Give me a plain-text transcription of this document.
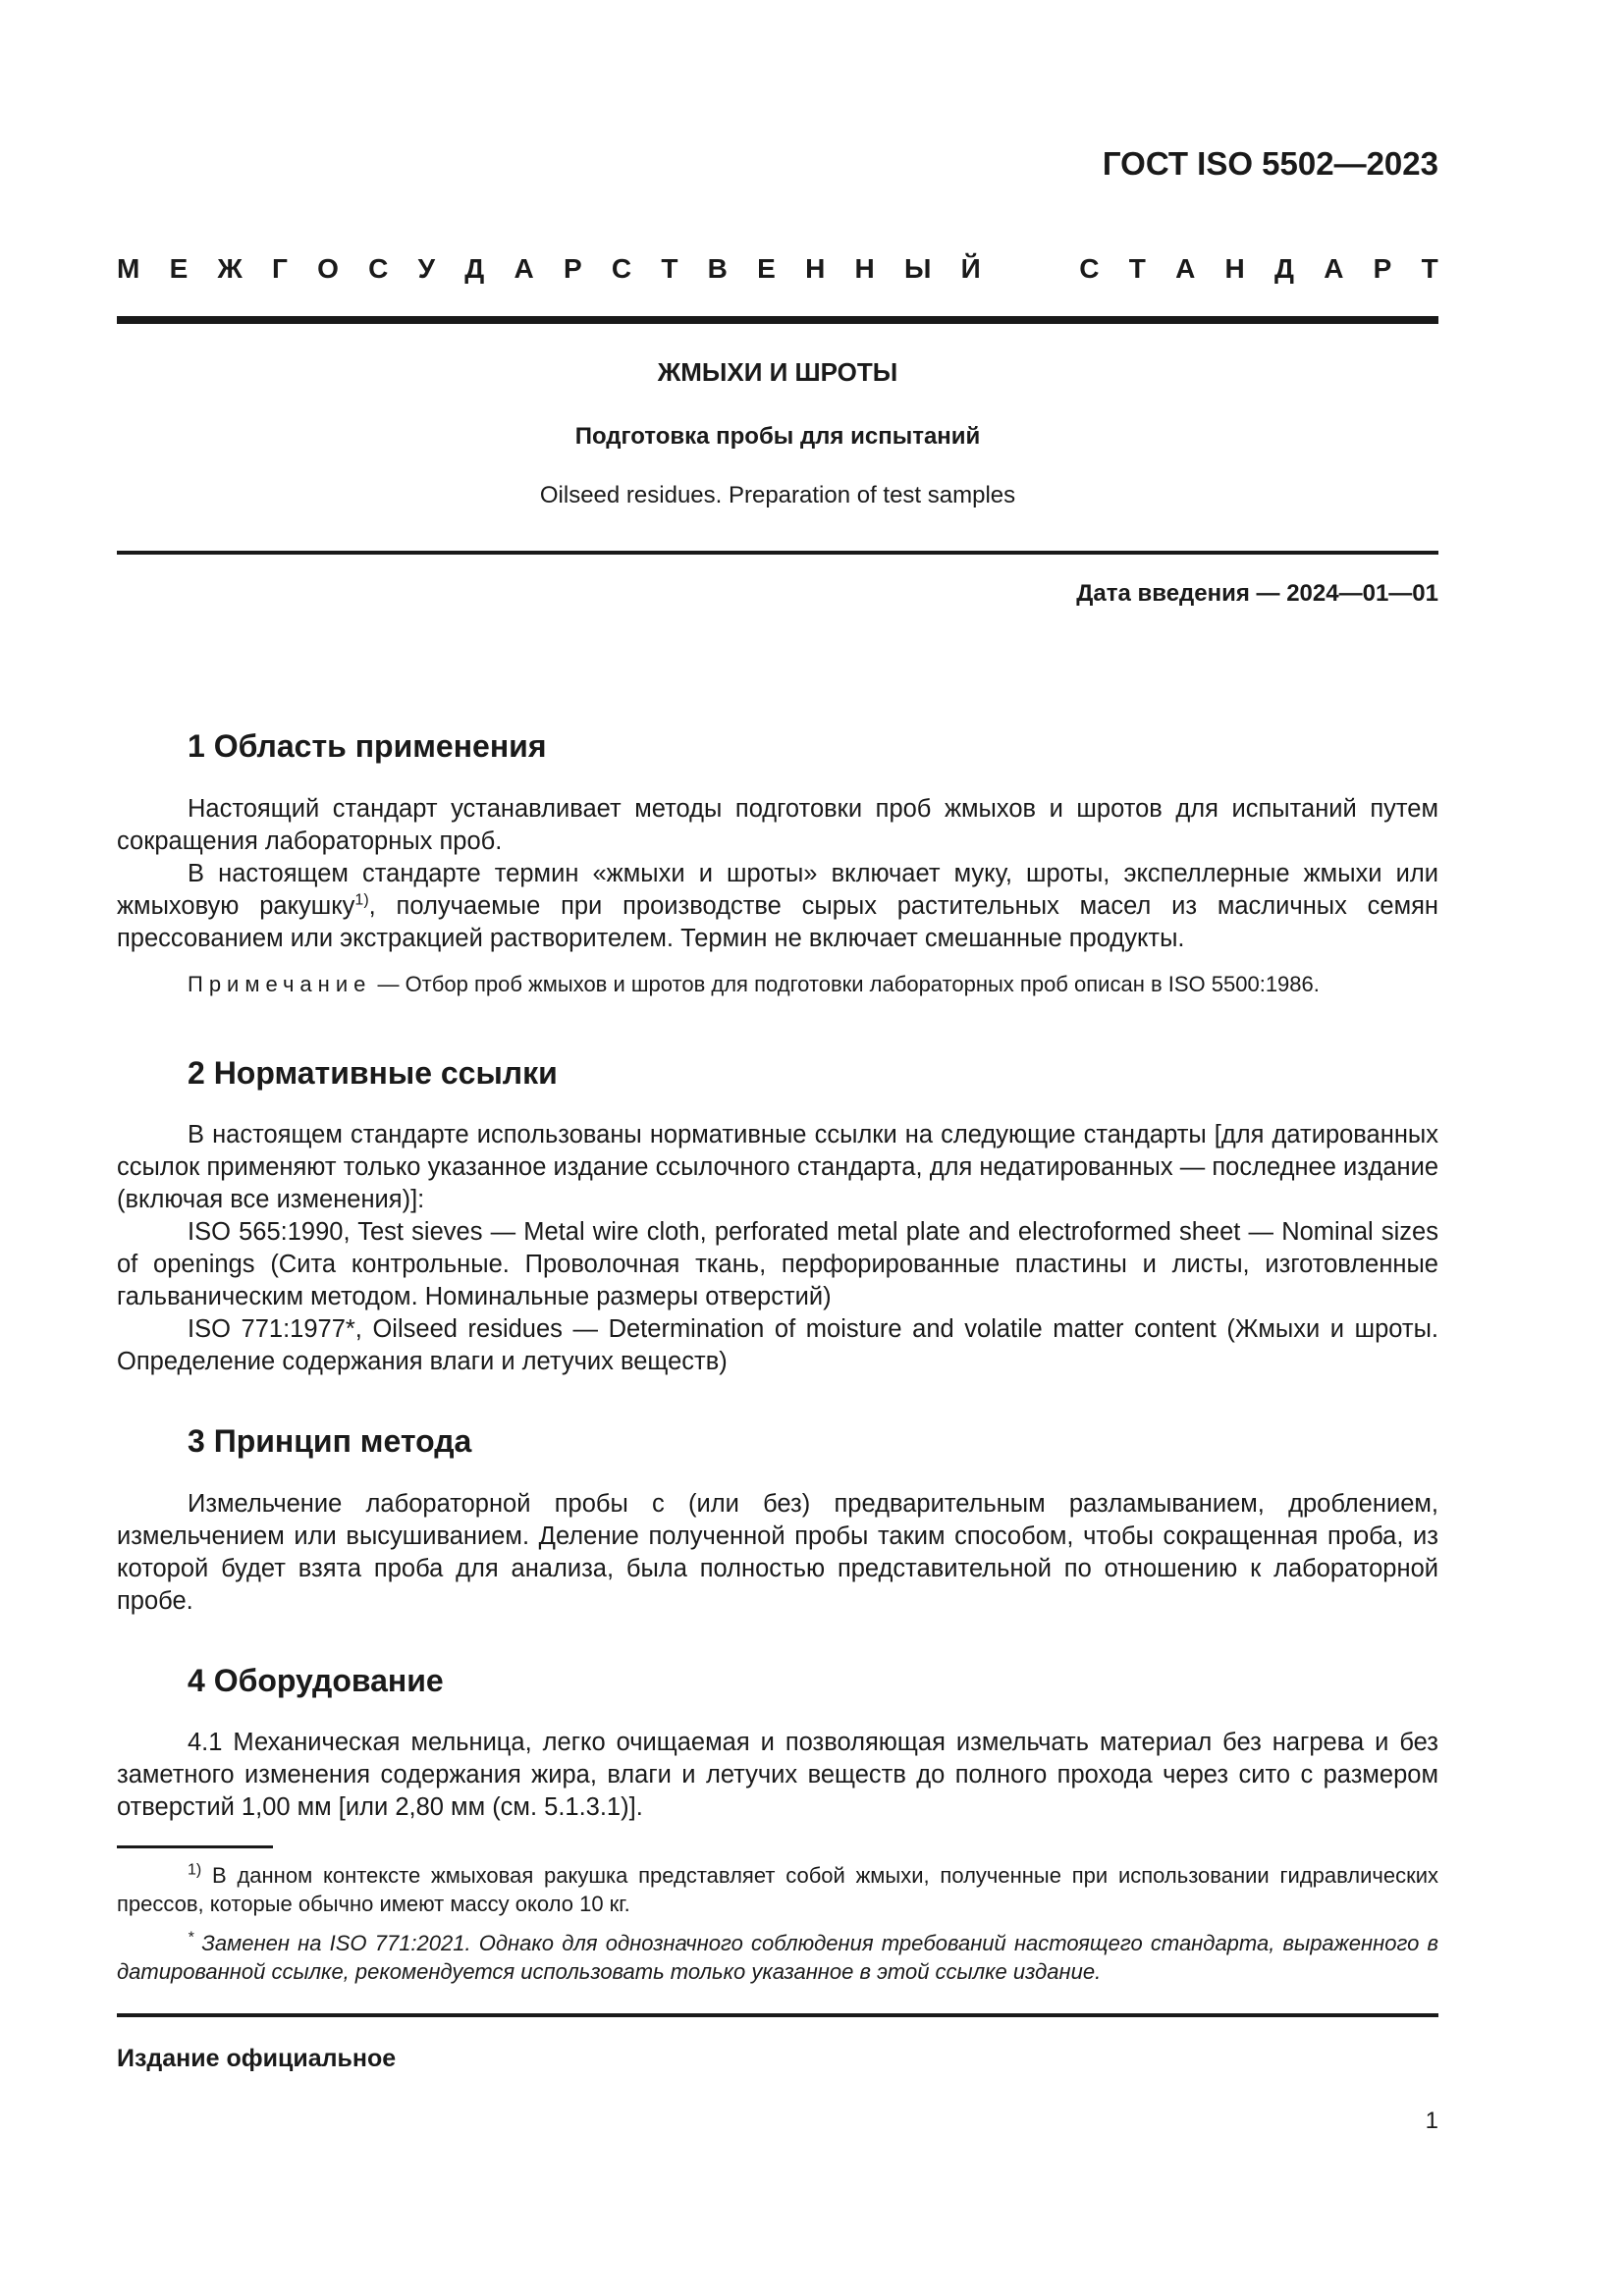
ГОСТ ISO 5502—2023

М Е Ж Г О С У Д А Р С Т В Е Н Н Ы Й	С Т А Н Д А Р Т

ЖМЫХИ И ШРОТЫ

Подготовка пробы для испытаний

Oilseed residues. Preparation of test samples

Дата введения — 2024—01—01

1 Область применения

Настоящий стандарт устанавливает методы подготовки проб жмыхов и шротов для испытаний путем сокращения лабораторных проб.

В настоящем стандарте термин «жмыхи и шроты» включает муку, шроты, экспеллерные жмыхи или жмыховую ракушку$^{1)}$, получаемые при производстве сырых растительных масел из масличных семян прессованием или экстракцией растворителем. Термин не включает смешанные продукты.

Примечание — Отбор проб жмыхов и шротов для подготовки лабораторных проб описан в ISO 5500:1986.

2 Нормативные ссылки

В настоящем стандарте использованы нормативные ссылки на следующие стандарты [для датированных ссылок применяют только указанное издание ссылочного стандарта, для недатированных — последнее издание (включая все изменения)]:

ISO 565:1990, Test sieves — Metal wire cloth, perforated metal plate and electroformed sheet — Nominal sizes of openings (Сита контрольные. Проволочная ткань, перфорированные пластины и листы, изготовленные гальваническим методом. Номинальные размеры отверстий)

ISO 771:1977*, Oilseed residues — Determination of moisture and volatile matter content (Жмыхи и шроты. Определение содержания влаги и летучих веществ)

3 Принцип метода

Измельчение лабораторной пробы с (или без) предварительным разламыванием, дроблением, измельчением или высушиванием. Деление полученной пробы таким способом, чтобы сокращенная проба, из которой будет взята проба для анализа, была полностью представительной по отношению к лабораторной пробе.

4 Оборудование

4.1 Механическая мельница, легко очищаемая и позволяющая измельчать материал без нагрева и без заметного изменения содержания жира, влаги и летучих веществ до полного прохода через сито с размером отверстий 1,00 мм [или 2,80 мм (см. 5.1.3.1)].

$^{1)}$ В данном контексте жмыховая ракушка представляет собой жмыхи, полученные при использовании гидравлических прессов, которые обычно имеют массу около 10 кг.

* Заменен на ISO 771:2021. Однако для однозначного соблюдения требований настоящего стандарта, выраженного в датированной ссылке, рекомендуется использовать только указанное в этой ссылке издание.

Издание официальное

1
